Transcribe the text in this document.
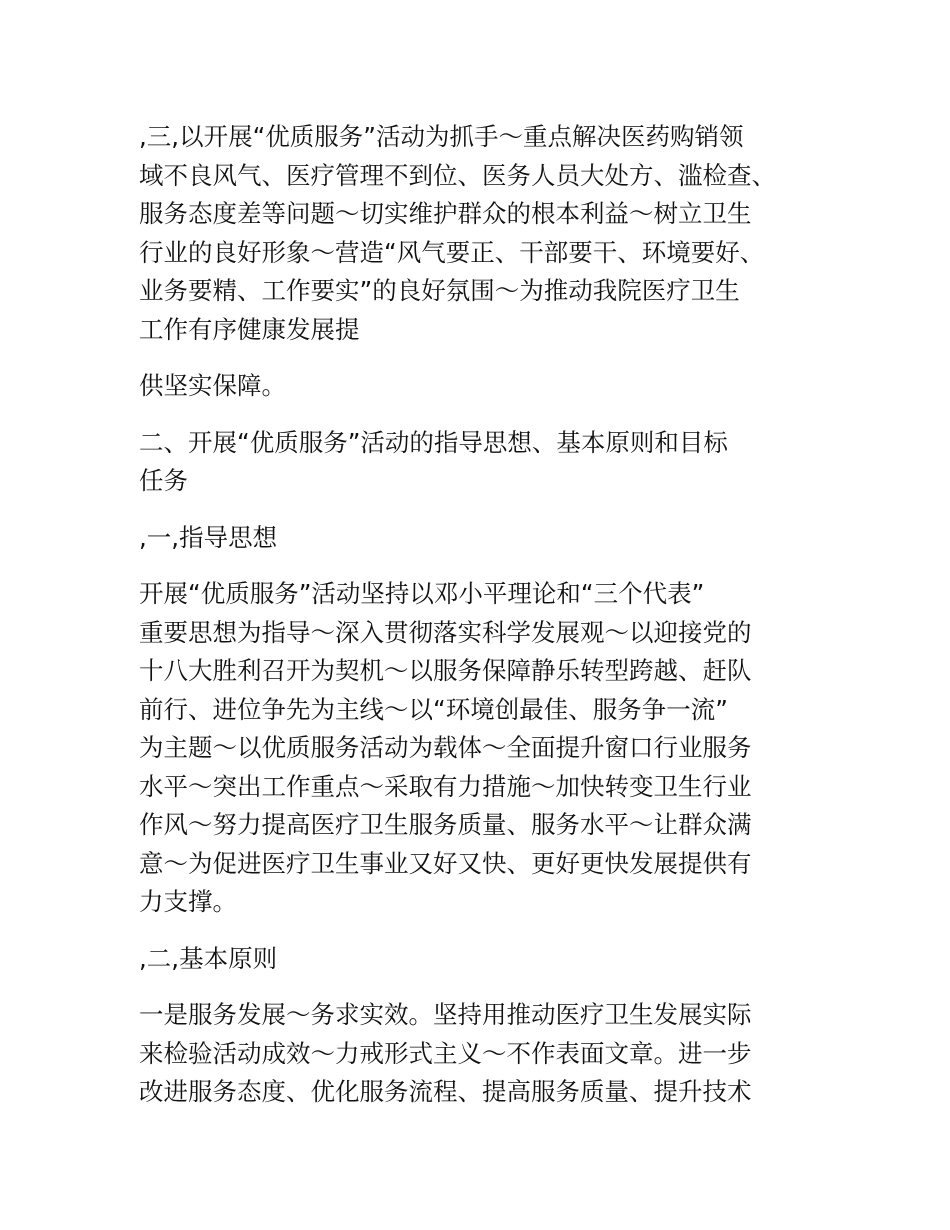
,三,以开展“优质服务”活动为抓手～重点解决医药购销领
域不良风气、医疗管理不到位、医务人员大处方、滥检查、
服务态度差等问题～切实维护群众的根本利益～树立卫生
行业的良好形象～营造“风气要正、干部要干、环境要好、
业务要精、工作要实”的良好氛围～为推动我院医疗卫生
工作有序健康发展提
供坚实保障。
二、开展“优质服务”活动的指导思想、基本原则和目标
任务
,一,指导思想
开展“优质服务”活动坚持以邓小平理论和“三个代表”
重要思想为指导～深入贯彻落实科学发展观～以迎接党的
十八大胜利召开为契机～以服务保障静乐转型跨越、赶队
前行、进位争先为主线～以“环境创最佳、服务争一流”
为主题～以优质服务活动为载体～全面提升窗口行业服务
水平～突出工作重点～采取有力措施～加快转变卫生行业
作风～努力提高医疗卫生服务质量、服务水平～让群众满
意～为促进医疗卫生事业又好又快、更好更快发展提供有
力支撑。
,二,基本原则
一是服务发展～务求实效。坚持用推动医疗卫生发展实际
来检验活动成效～力戒形式主义～不作表面文章。进一步
改进服务态度、优化服务流程、提高服务质量、提升技术
